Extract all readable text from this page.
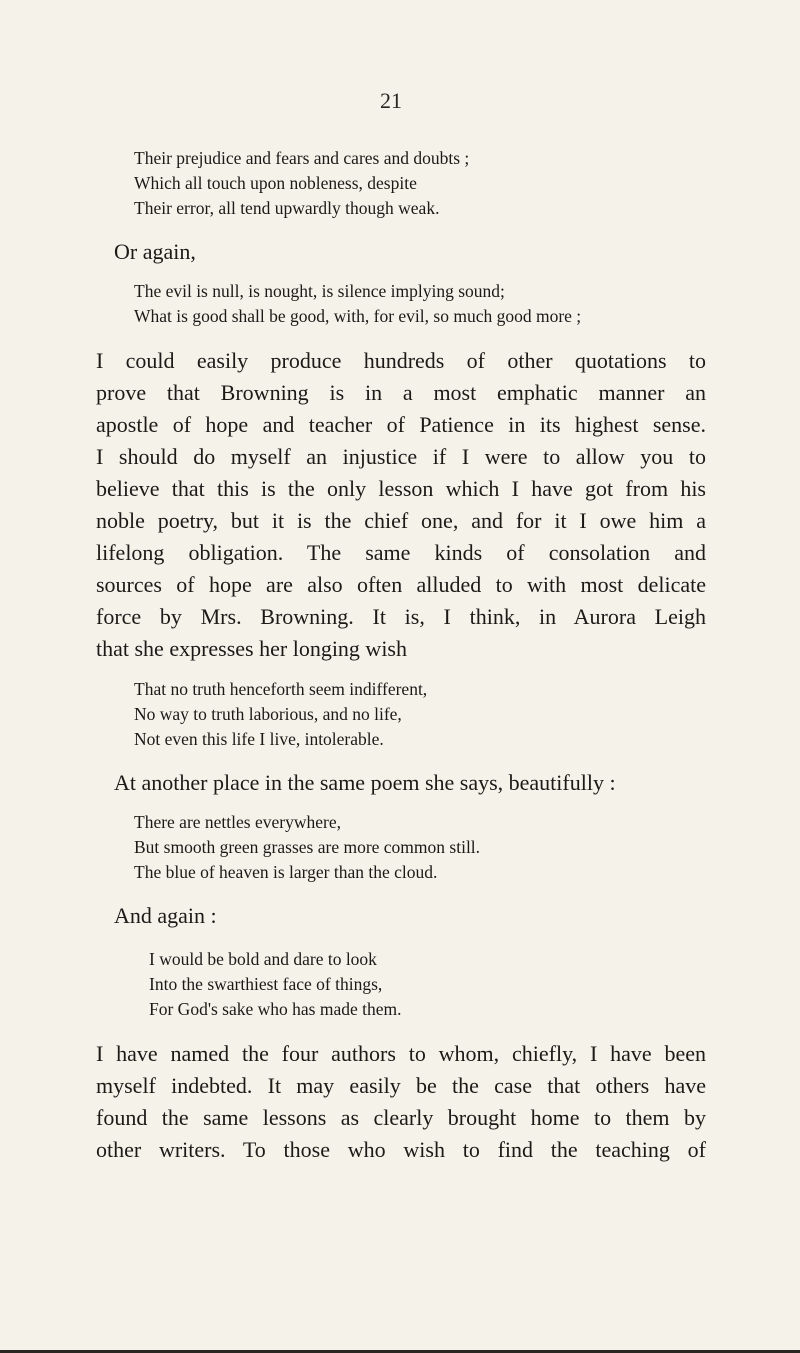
21
Their prejudice and fears and cares and doubts ;
Which all touch upon nobleness, despite
Their error, all tend upwardly though weak.
Or again,
The evil is null, is nought, is silence implying sound;
What is good shall be good, with, for evil, so much good more ;
I could easily produce hundreds of other quotations to
prove that Browning is in a most emphatic manner an
apostle of hope and teacher of Patience in its highest sense.
I should do myself an injustice if I were to allow you to
believe that this is the only lesson which I have got from his
noble poetry, but it is the chief one, and for it I owe him a
lifelong obligation. The same kinds of consolation and
sources of hope are also often alluded to with most delicate
force by Mrs. Browning. It is, I think, in Aurora Leigh
that she expresses her longing wish
That no truth henceforth seem indifferent,
No way to truth laborious, and no life,
Not even this life I live, intolerable.
At another place in the same poem she says, beautifully :
There are nettles everywhere,
But smooth green grasses are more common still.
The blue of heaven is larger than the cloud.
And again :
I would be bold and dare to look
Into the swarthiest face of things,
For God's sake who has made them.
I have named the four authors to whom, chiefly, I have been
myself indebted. It may easily be the case that others have
found the same lessons as clearly brought home to them by
other writers. To those who wish to find the teaching of
